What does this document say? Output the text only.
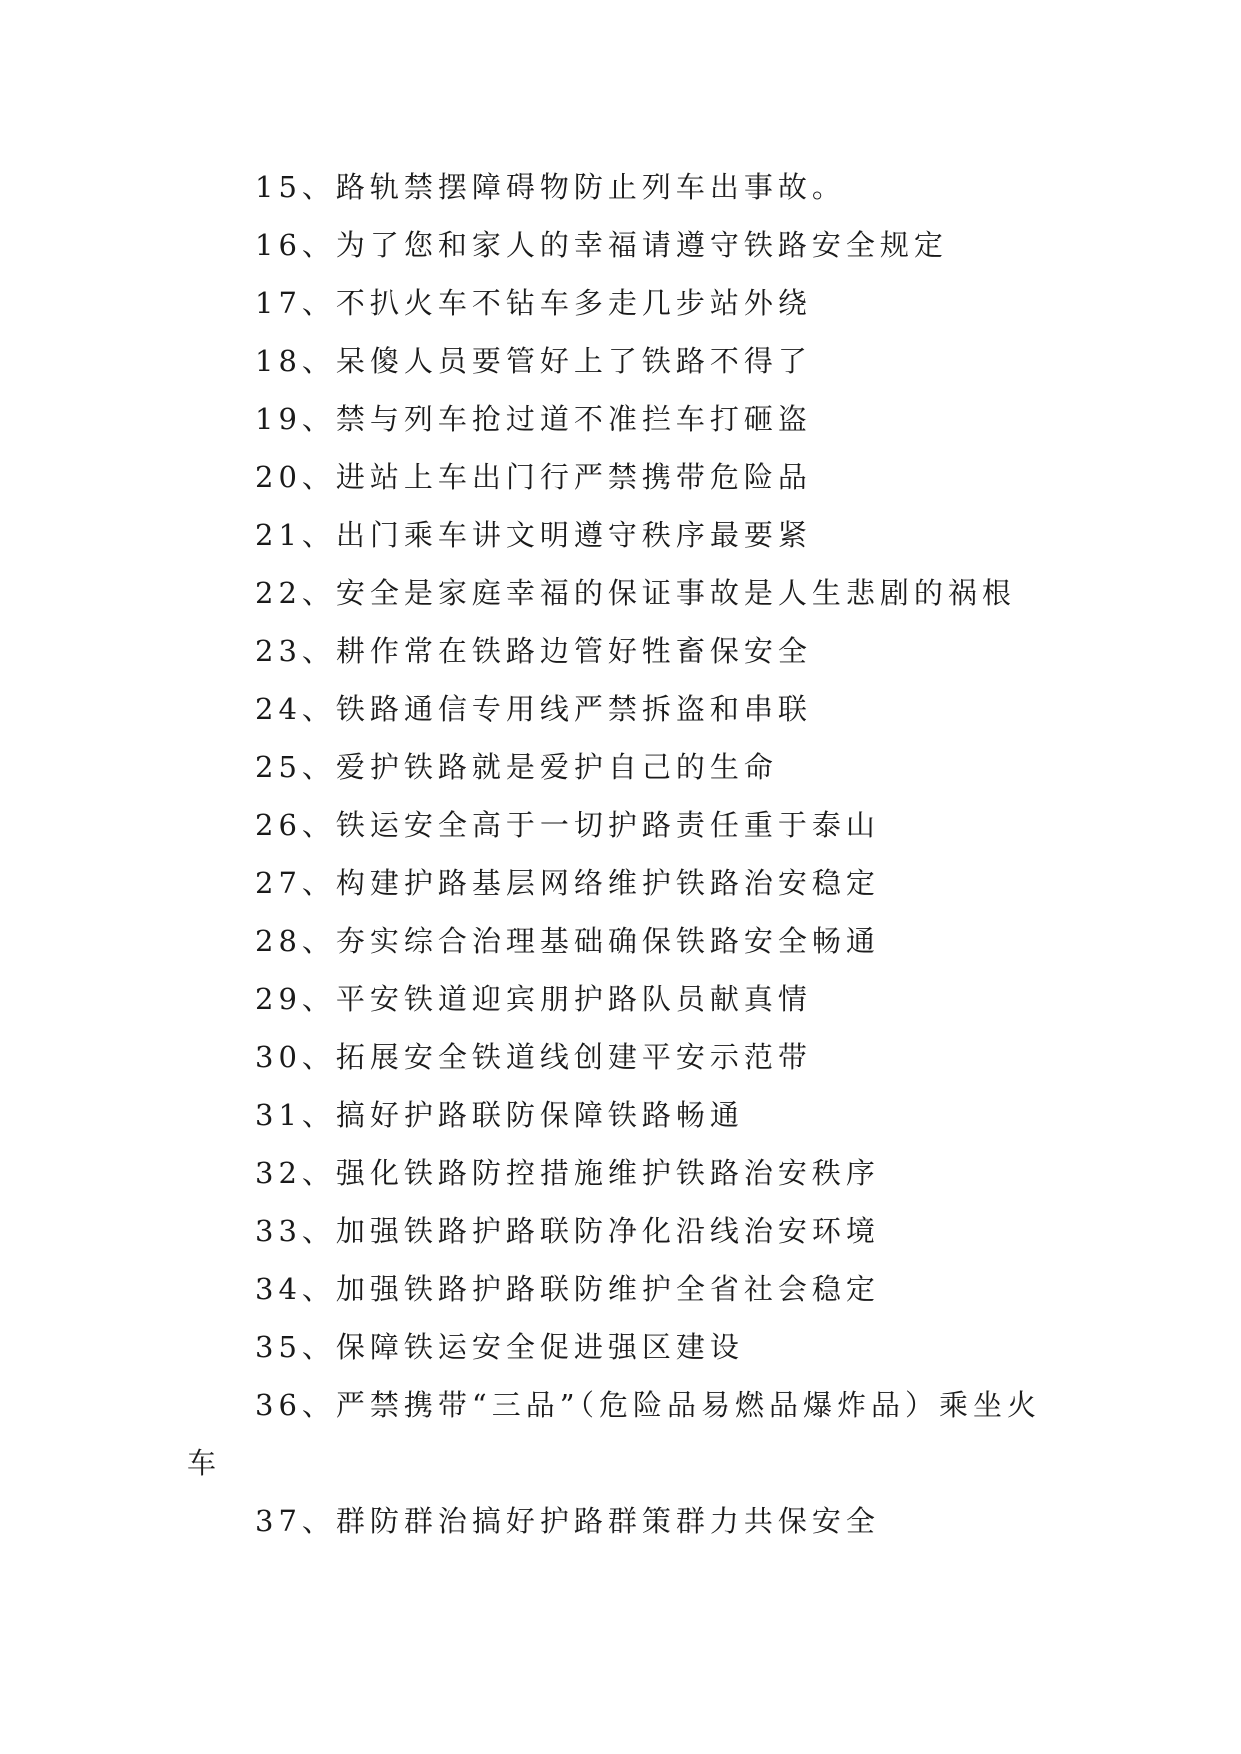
15、路轨禁摆障碍物防止列车出事故。
16、为了您和家人的幸福请遵守铁路安全规定
17、不扒火车不钻车多走几步站外绕
18、呆傻人员要管好上了铁路不得了
19、禁与列车抢过道不准拦车打砸盗
20、进站上车出门行严禁携带危险品
21、出门乘车讲文明遵守秩序最要紧
22、安全是家庭幸福的保证事故是人生悲剧的祸根
23、耕作常在铁路边管好牲畜保安全
24、铁路通信专用线严禁拆盗和串联
25、爱护铁路就是爱护自己的生命
26、铁运安全高于一切护路责任重于泰山
27、构建护路基层网络维护铁路治安稳定
28、夯实综合治理基础确保铁路安全畅通
29、平安铁道迎宾朋护路队员献真情
30、拓展安全铁道线创建平安示范带
31、搞好护路联防保障铁路畅通
32、强化铁路防控措施维护铁路治安秩序
33、加强铁路护路联防净化沿线治安环境
34、加强铁路护路联防维护全省社会稳定
35、保障铁运安全促进强区建设
36、严禁携带“三品”（危险品易燃品爆炸品）乘坐火车
37、群防群治搞好护路群策群力共保安全
